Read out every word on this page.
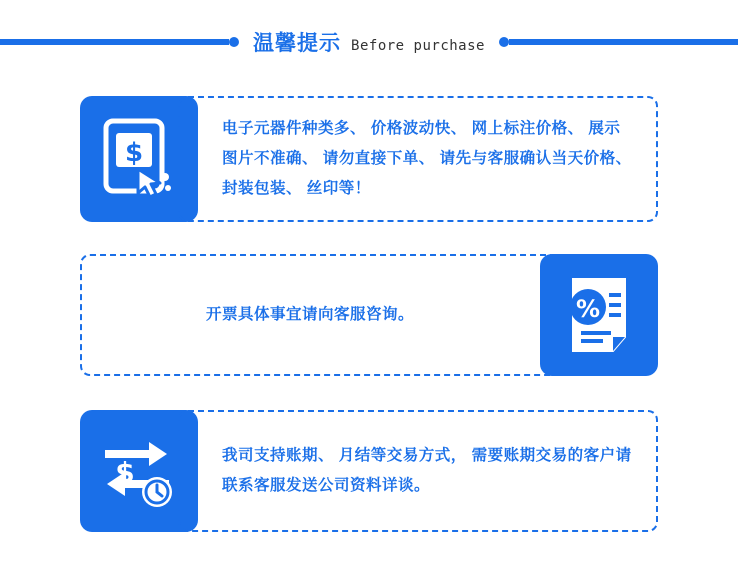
温馨提示 Before purchase
$
电子元器件种类多、 价格波动快、 网上标注价格、 展示图片不准确、 请勿直接下单、 请先与客服确认当天价格、 封装包装、 丝印等！
开票具体事宜请向客服咨询。	%
$
我司支持账期、 月结等交易方式， 需要账期交易的客户请联系客服发送公司资料详谈。
